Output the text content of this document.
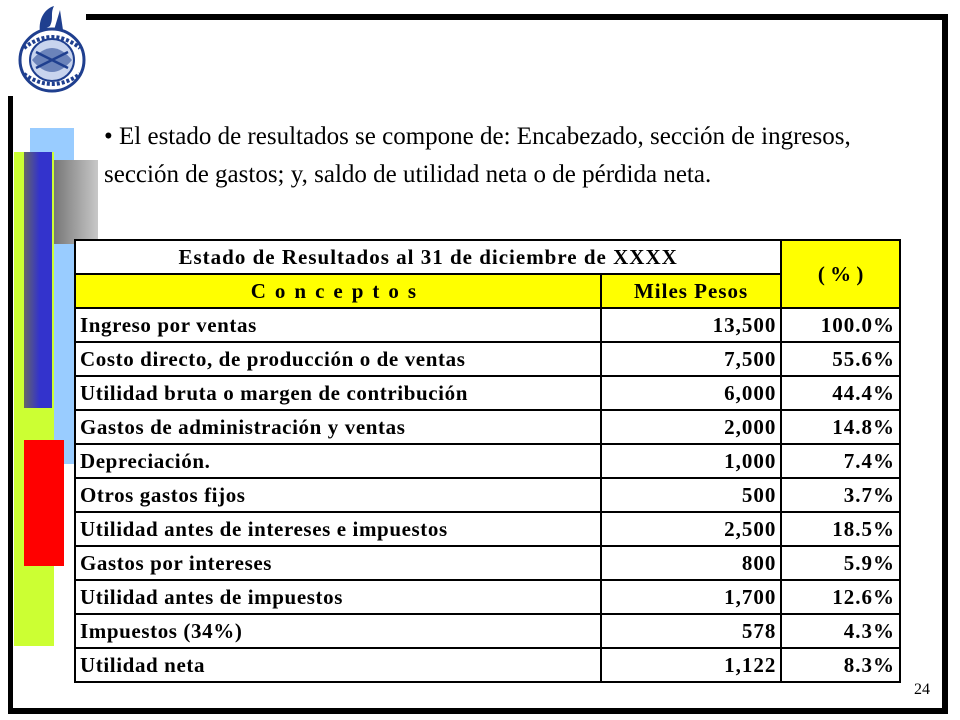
• El estado de resultados se compone de: Encabezado, sección de ingresos, sección de gastos; y, saldo de utilidad neta o de pérdida neta.

Estado de Resultados al 31 de diciembre de XXXX		( % )
Conceptos	Miles Pesos	
Ingreso por ventas	13,500	100.0%
Costo directo, de producción o de ventas	7,500	55.6%
Utilidad bruta o margen de contribución	6,000	44.4%
Gastos de administración y ventas	2,000	14.8%
Depreciación.	1,000	7.4%
Otros gastos fijos	500	3.7%
Utilidad antes de intereses e impuestos	2,500	18.5%
Gastos por intereses	800	5.9%
Utilidad antes de impuestos	1,700	12.6%
Impuestos (34%)	578	4.3%
Utilidad neta	1,122	8.3%
24
